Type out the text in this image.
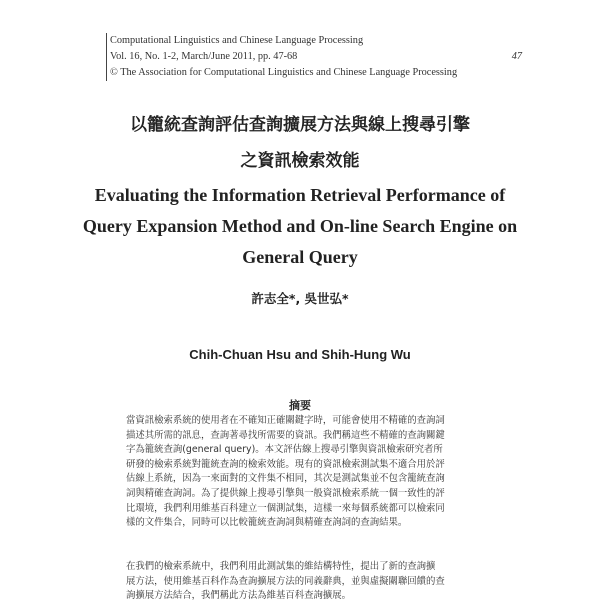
Computational Linguistics and Chinese Language Processing
Vol. 16, No. 1-2, March/June 2011, pp. 47-68	47
© The Association for Computational Linguistics and Chinese Language Processing
以籠統查詢評估查詢擴展方法與線上搜尋引擎
之資訊檢索效能
Evaluating the Information Retrieval Performance of
Query Expansion Method and On-line Search Engine on
General Query
許志全*, 吳世弘*
Chih-Chuan Hsu and Shih-Hung Wu
摘要

當資訊檢索系統的使用者在不確知正確關鍵字時，可能會使用不精確的查詢詞

描述其所需的訊息，查詢著尋找所需要的資訊。我們稱這些不精確的查詢關鍵

字為籠統查詢(general query)。本文評估線上搜尋引擎與資訊檢索研究者所

研發的檢索系統對籠統查詢的檢索效能。現有的資訊檢索測試集不適合用於評

估線上系統，因為一來面對的文件集不相同，其次是測試集並不包含籠統查詢

詞與精確查詢詞。為了提供線上搜尋引擎與一般資訊檢索系統一個一致性的評

比環境，我們利用維基百科建立一個測試集，這樣一來每個系統都可以檢索同

樣的文件集合，同時可以比較籠統查詢詞與精確查詢詞的查詢結果。

在我們的檢索系統中，我們利用此測試集的維結構特性，提出了新的查詢擴

展方法，使用維基百科作為查詢擴展方法的同義辭典，並與虛擬關聯回饋的查

詢擴展方法結合，我們稱此方法為維基百科查詢擴展。
